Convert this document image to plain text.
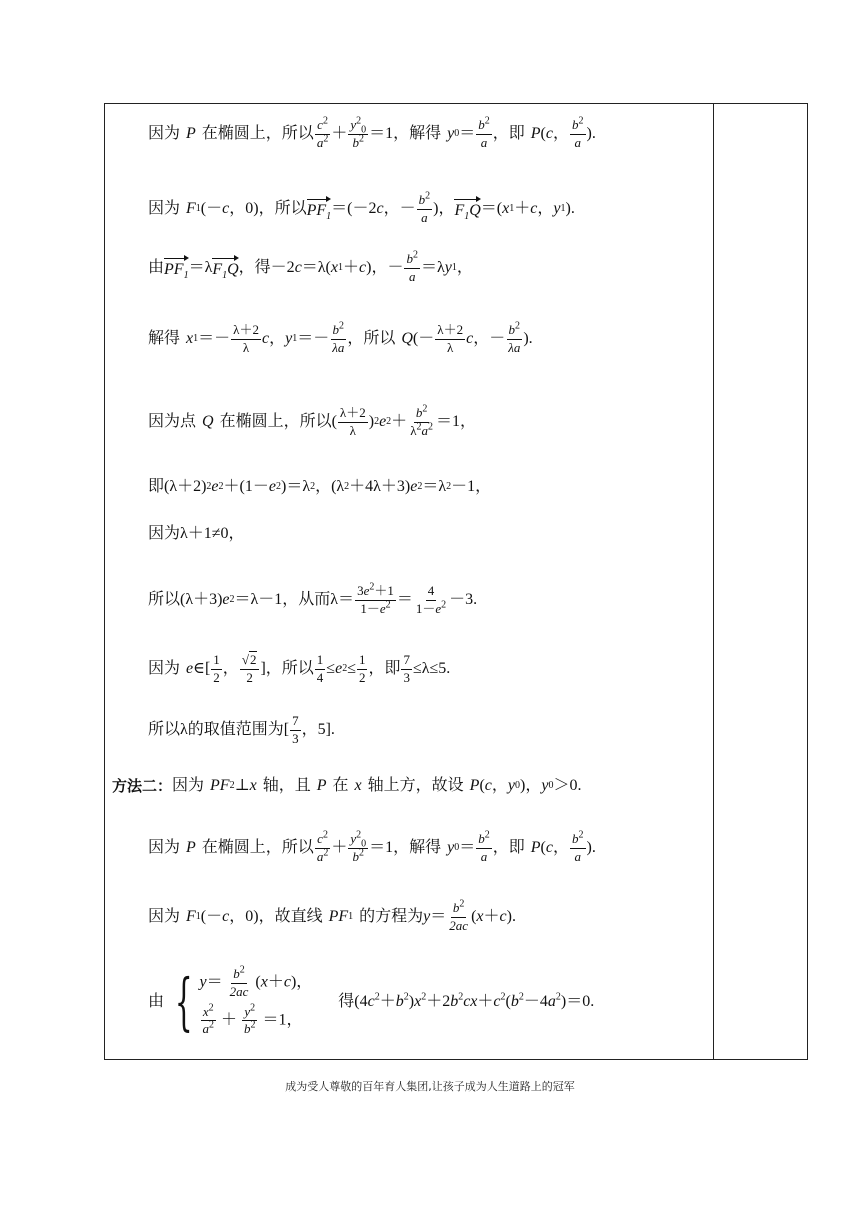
因为 P 在椭圆上，所以 $\frac{c^2}{a^2} + \frac{y^2_0}{b^2} =1$，解得 y $0 = \frac{b^2}{a}$ ，即 P ( c ， $\frac{b^2}{a}$ ).
因为 F 1 (－ c ，0)，所以 $PF_1 =(-2$ c ，－ $\frac{b^2}{a}$ )， $F_1Q$ ＝( x 1 ＋ c ， y 1 ).
由 $PF_1 =\lambda$ $F_1Q$ ，得－2 c ＝λ( x 1 ＋ c )，－ $\frac{b^2}{a} =\lambda$ y 1 ，
解得 x $1 =- \frac{\lambda+2}{\lambda}$ c ， y $1 =- \frac{b^2}{\lambda a}$ ，所以 Q (－ $\frac{\lambda+2}{\lambda}$ c ，－ $\frac{b^2}{\lambda a}$ ).
因为点 Q 在椭圆上，所以( $\frac{\lambda+2}{\lambda}$ ) 2 e $2 + \frac{b^2}{\lambda^2a^2} =1$，
即(λ＋2) 2 e 2 ＋(1－ e 2 )＝λ 2 ，(λ 2 ＋4λ＋3) e 2 ＝λ 2 －1，
因为λ＋1≠0，
所以(λ＋3) e 2 ＝λ－1，从而$\lambda= \frac{3e^2+1}{1-e^2} = \frac{4}{1-e^2} -3$.
因为 e ∈[ $\frac{1}{2}$ ， $\frac{√2}{2}$ ]，所以 $\frac{1}{4} \le e$ $2 \le \frac{1}{2}$ ，即 $\frac{7}{3} \le\lambda\le 5$.
所以λ的取值范围为[ $\frac{7}{3}$ ，5].
方法二： 因为 PF 2 ⊥ x 轴，且 P 在 x 轴上方，故设 P ( c ， y 0 )， y 0 ＞0.
因为 P 在椭圆上，所以 $\frac{c^2}{a^2} + \frac{y^2_0}{b^2} =1$，解得 y $0 = \frac{b^2}{a}$ ，即 P ( c ， $\frac{b^2}{a}$ ).
因为 F 1 (－ c ，0)，故直线 PF 1 的方程为 $y = \frac{b^2}{2ac}$ ( x ＋ c ).
由 { $y= \frac{b^2}{2ac} (x+c)$，
$\frac{x^2}{a^2} + \frac{y^2}{b^2} =1$，
得$(4c^2+b^2)x^2+2b^2cx+c^2(b^2-4a^2)=0$.
成为受人尊敬的百年育人集团,让孩子成为人生道路上的冠军
